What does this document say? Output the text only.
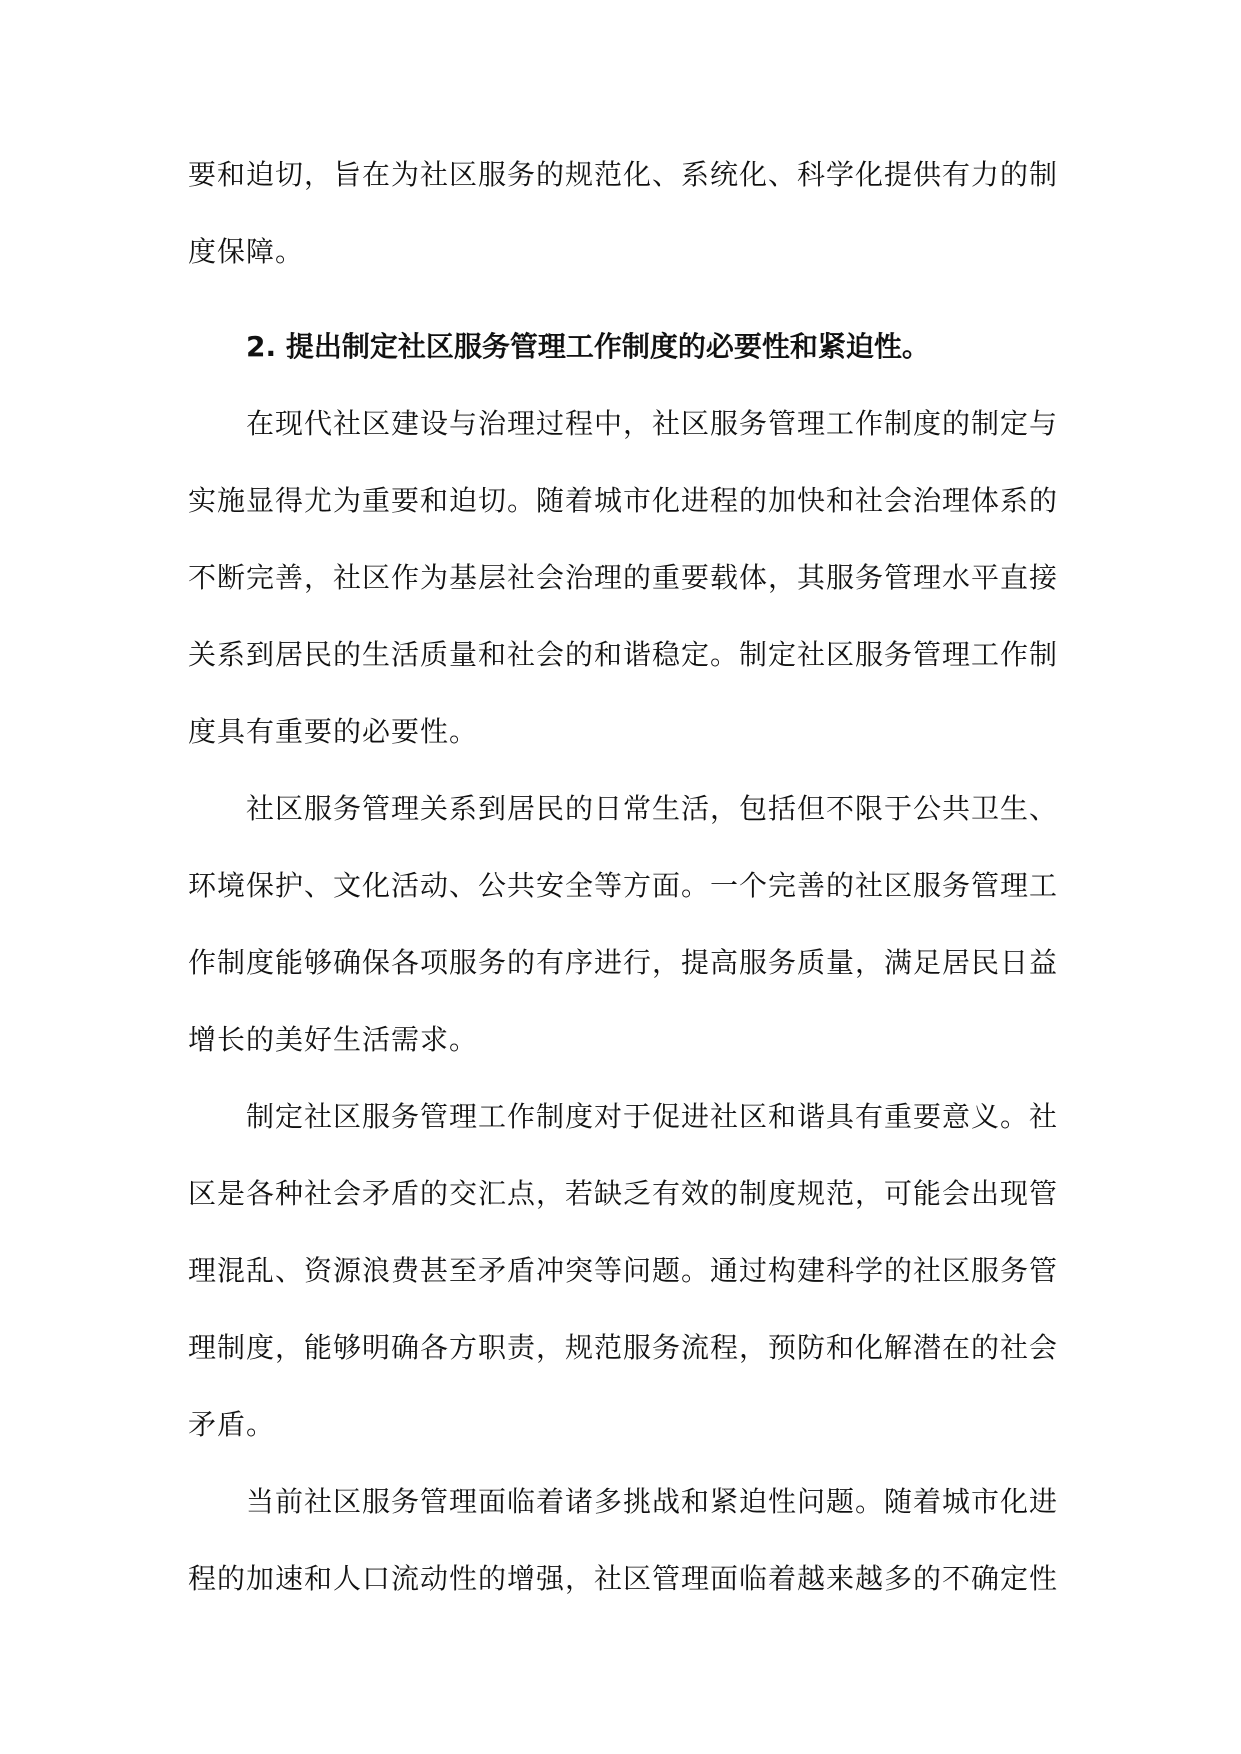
要和迫切，旨在为社区服务的规范化、系统化、科学化提供有力的制
度保障。
2. 提出制定社区服务管理工作制度的必要性和紧迫性。
在现代社区建设与治理过程中，社区服务管理工作制度的制定与
实施显得尤为重要和迫切。随着城市化进程的加快和社会治理体系的
不断完善，社区作为基层社会治理的重要载体，其服务管理水平直接
关系到居民的生活质量和社会的和谐稳定。制定社区服务管理工作制
度具有重要的必要性。
社区服务管理关系到居民的日常生活，包括但不限于公共卫生、
环境保护、文化活动、公共安全等方面。一个完善的社区服务管理工
作制度能够确保各项服务的有序进行，提高服务质量，满足居民日益
增长的美好生活需求。
制定社区服务管理工作制度对于促进社区和谐具有重要意义。社
区是各种社会矛盾的交汇点，若缺乏有效的制度规范，可能会出现管
理混乱、资源浪费甚至矛盾冲突等问题。通过构建科学的社区服务管
理制度，能够明确各方职责，规范服务流程，预防和化解潜在的社会
矛盾。
当前社区服务管理面临着诸多挑战和紧迫性问题。随着城市化进
程的加速和人口流动性的增强，社区管理面临着越来越多的不确定性
